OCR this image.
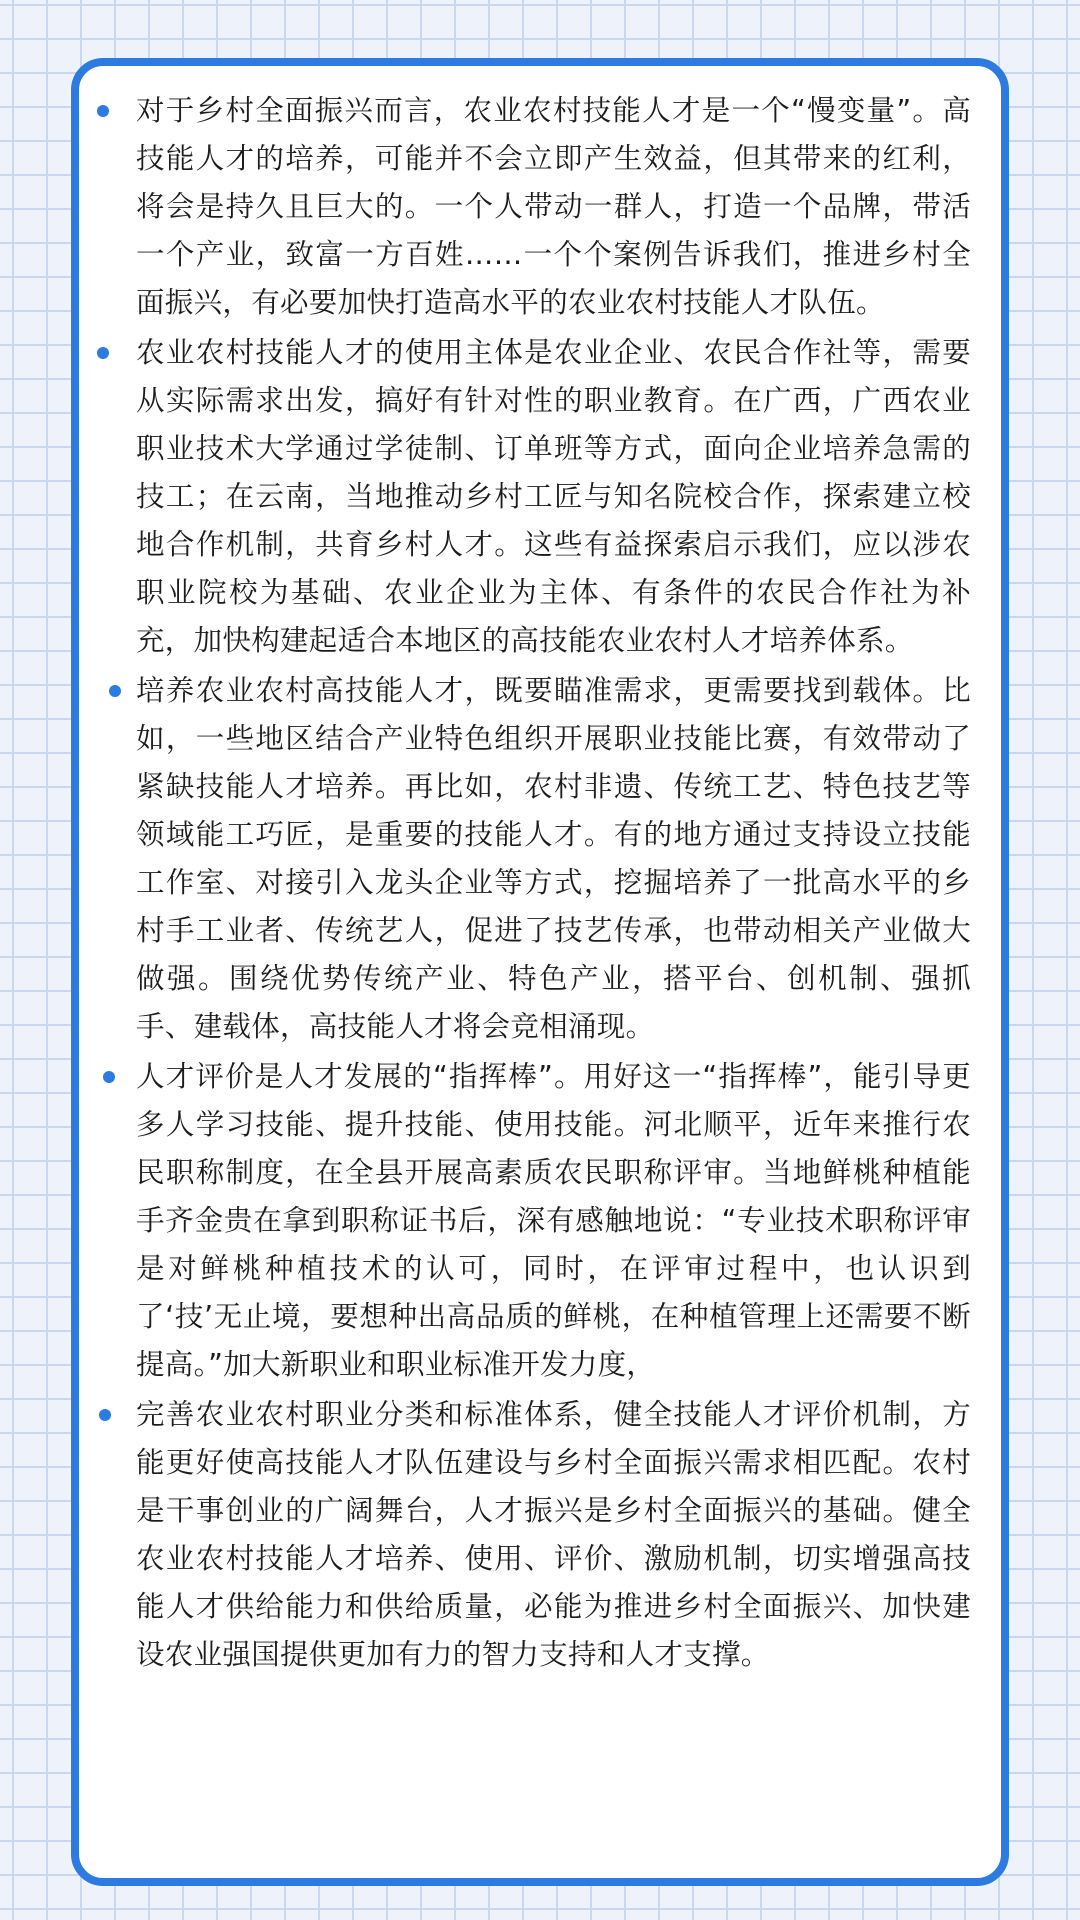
对于乡村全面振兴而言，农业农村技能人才是一个“慢变量”。高技能人才的培养，可能并不会立即产生效益，但其带来的红利，将会是持久且巨大的。一个人带动一群人，打造一个品牌，带活一个产业，致富一方百姓……一个个案例告诉我们，推进乡村全面振兴，有必要加快打造高水平的农业农村技能人才队伍。
农业农村技能人才的使用主体是农业企业、农民合作社等，需要从实际需求出发，搞好有针对性的职业教育。在广西，广西农业职业技术大学通过学徒制、订单班等方式，面向企业培养急需的技工；在云南，当地推动乡村工匠与知名院校合作，探索建立校地合作机制，共育乡村人才。这些有益探索启示我们，应以涉农职业院校为基础、农业企业为主体、有条件的农民合作社为补充，加快构建起适合本地区的高技能农业农村人才培养体系。
培养农业农村高技能人才，既要瞄准需求，更需要找到载体。比如，一些地区结合产业特色组织开展职业技能比赛，有效带动了紧缺技能人才培养。再比如，农村非遗、传统工艺、特色技艺等领域能工巧匠，是重要的技能人才。有的地方通过支持设立技能工作室、对接引入龙头企业等方式，挖掘培养了一批高水平的乡村手工业者、传统艺人，促进了技艺传承，也带动相关产业做大做强。围绕优势传统产业、特色产业，搭平台、创机制、强抓手、建载体，高技能人才将会竞相涌现。
人才评价是人才发展的“指挥棒”。用好这一“指挥棒”，能引导更多人学习技能、提升技能、使用技能。河北顺平，近年来推行农民职称制度，在全县开展高素质农民职称评审。当地鲜桃种植能手齐金贵在拿到职称证书后，深有感触地说：“专业技术职称评审是对鲜桃种植技术的认可，同时，在评审过程中，也认识到了‘技’无止境，要想种出高品质的鲜桃，在种植管理上还需要不断提高。”加大新职业和职业标准开发力度，
完善农业农村职业分类和标准体系，健全技能人才评价机制，方能更好使高技能人才队伍建设与乡村全面振兴需求相匹配。农村是干事创业的广阔舞台，人才振兴是乡村全面振兴的基础。健全农业农村技能人才培养、使用、评价、激励机制，切实增强高技能人才供给能力和供给质量，必能为推进乡村全面振兴、加快建设农业强国提供更加有力的智力支持和人才支撑。
